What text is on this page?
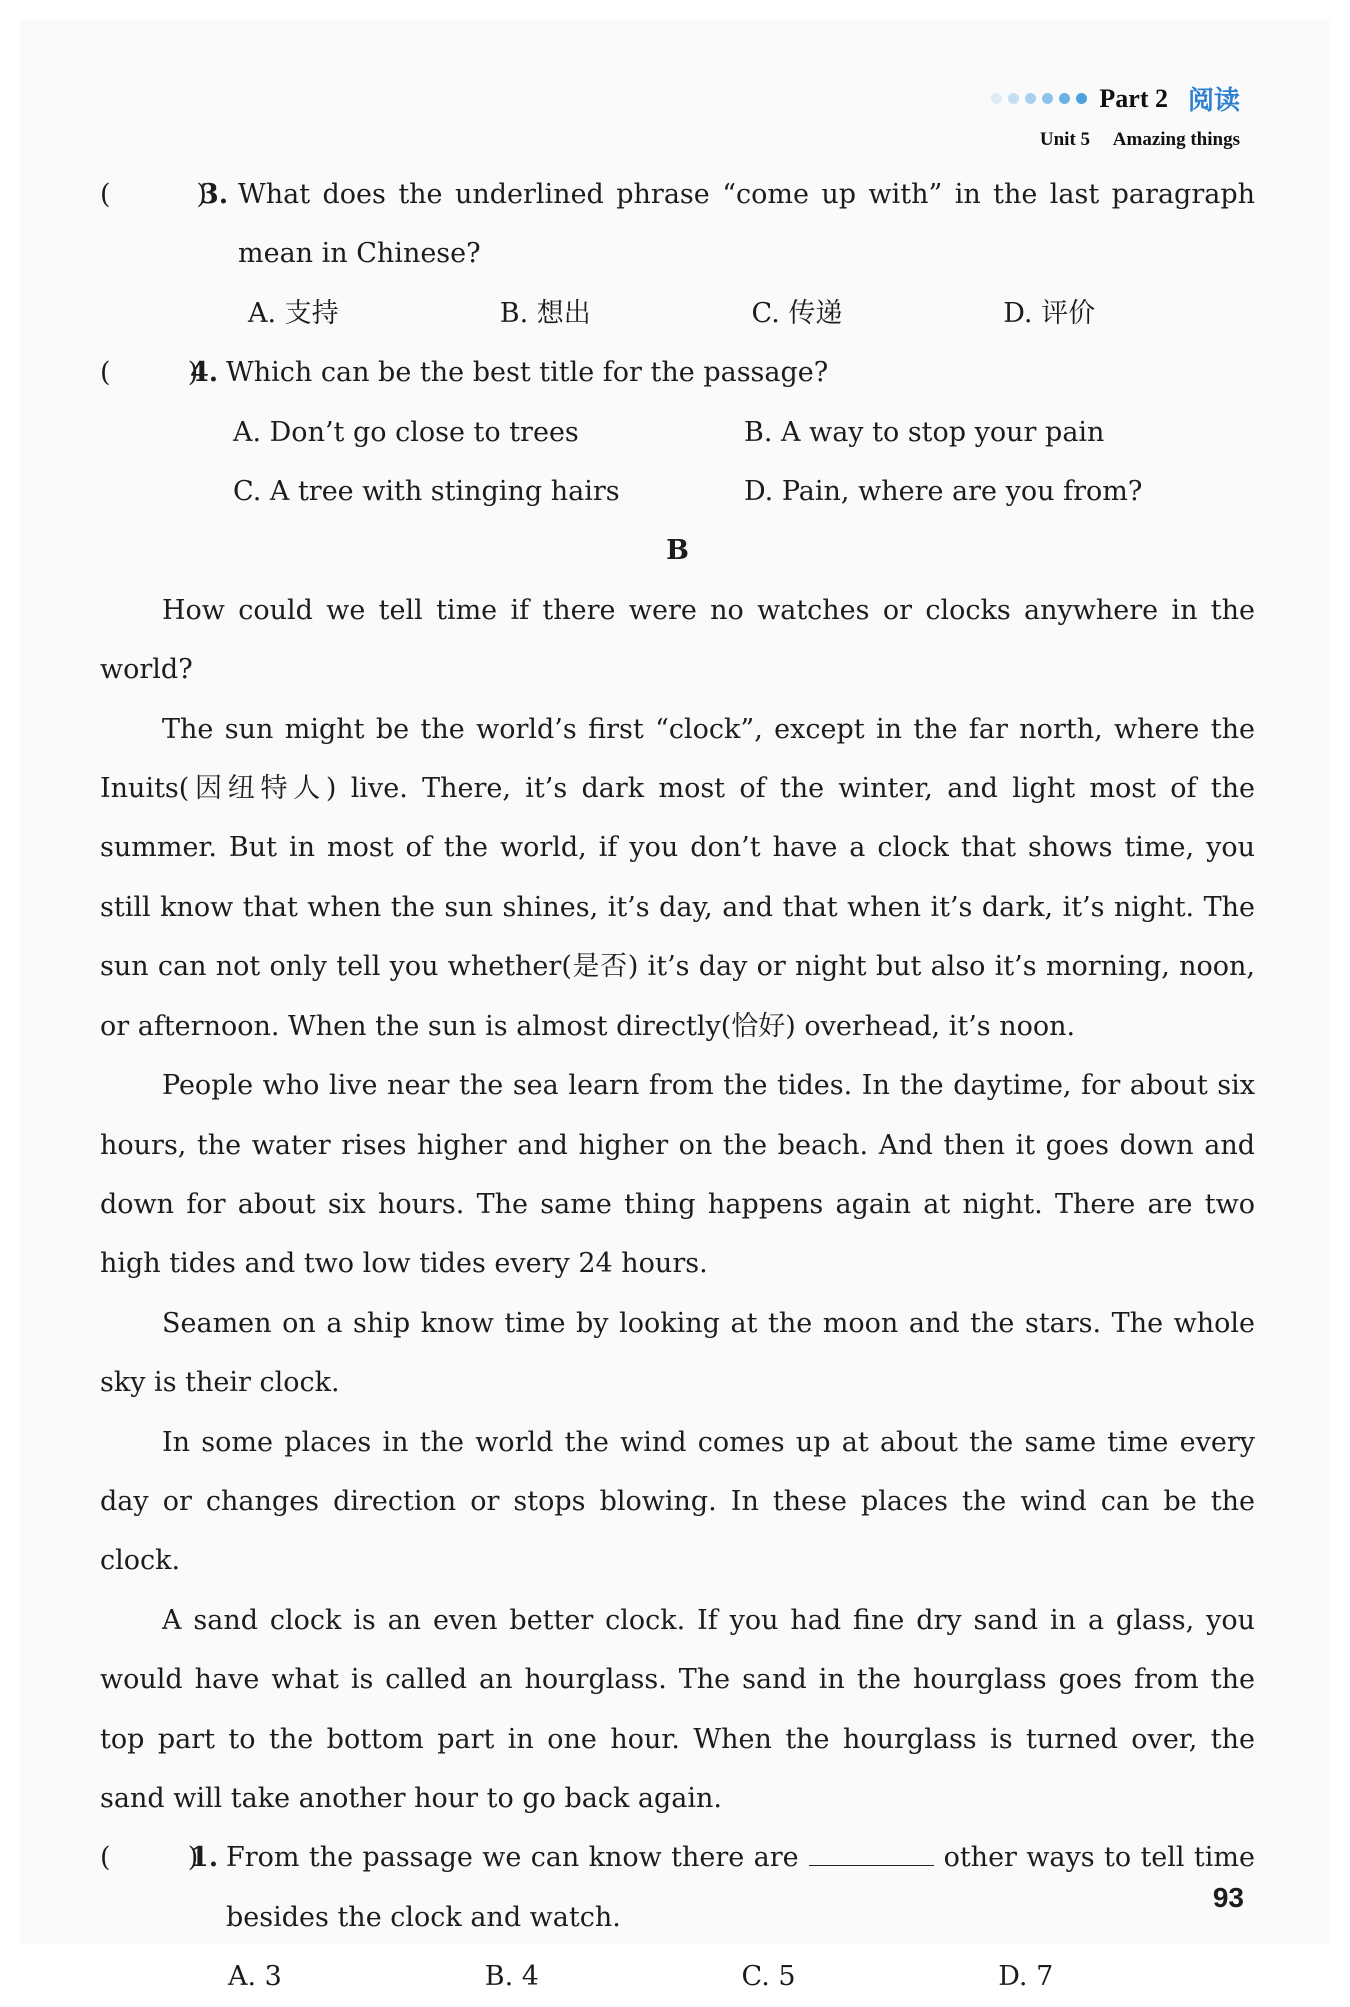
Part 2 阅读
Unit 5 Amazing things
(          )
3. What does the underlined phrase “come up with” in the last paragraph mean in Chinese?
A. 支持	B. 想出	C. 传递	D. 评价
(         )
4. Which can be the best title for the passage?
A. Don’t go close to trees	B. A way to stop your pain
C. A tree with stinging hairs	D. Pain, where are you from?
B
How could we tell time if there were no watches or clocks anywhere in the world?
The sun might be the world’s first “clock”, except in the far north, where the Inuits(因纽特人) live. There, it’s dark most of the winter, and light most of the summer. But in most of the world, if you don’t have a clock that shows time, you still know that when the sun shines, it’s day, and that when it’s dark, it’s night. The sun can not only tell you whether(是否) it’s day or night but also it’s morning, noon, or afternoon. When the sun is almost directly(恰好) overhead, it’s noon.
People who live near the sea learn from the tides. In the daytime, for about six hours, the water rises higher and higher on the beach. And then it goes down and down for about six hours. The same thing happens again at night. There are two high tides and two low tides every 24 hours.
Seamen on a ship know time by looking at the moon and the stars. The whole sky is their clock.
In some places in the world the wind comes up at about the same time every day or changes direction or stops blowing. In these places the wind can be the clock.
A sand clock is an even better clock. If you had fine dry sand in a glass, you would have what is called an hourglass. The sand in the hourglass goes from the top part to the bottom part in one hour. When the hourglass is turned over, the sand will take another hour to go back again.
(         )
1. From the passage we can know there are	other ways to tell time besides the clock and watch.
A. 3	B. 4	C. 5	D. 7
93
